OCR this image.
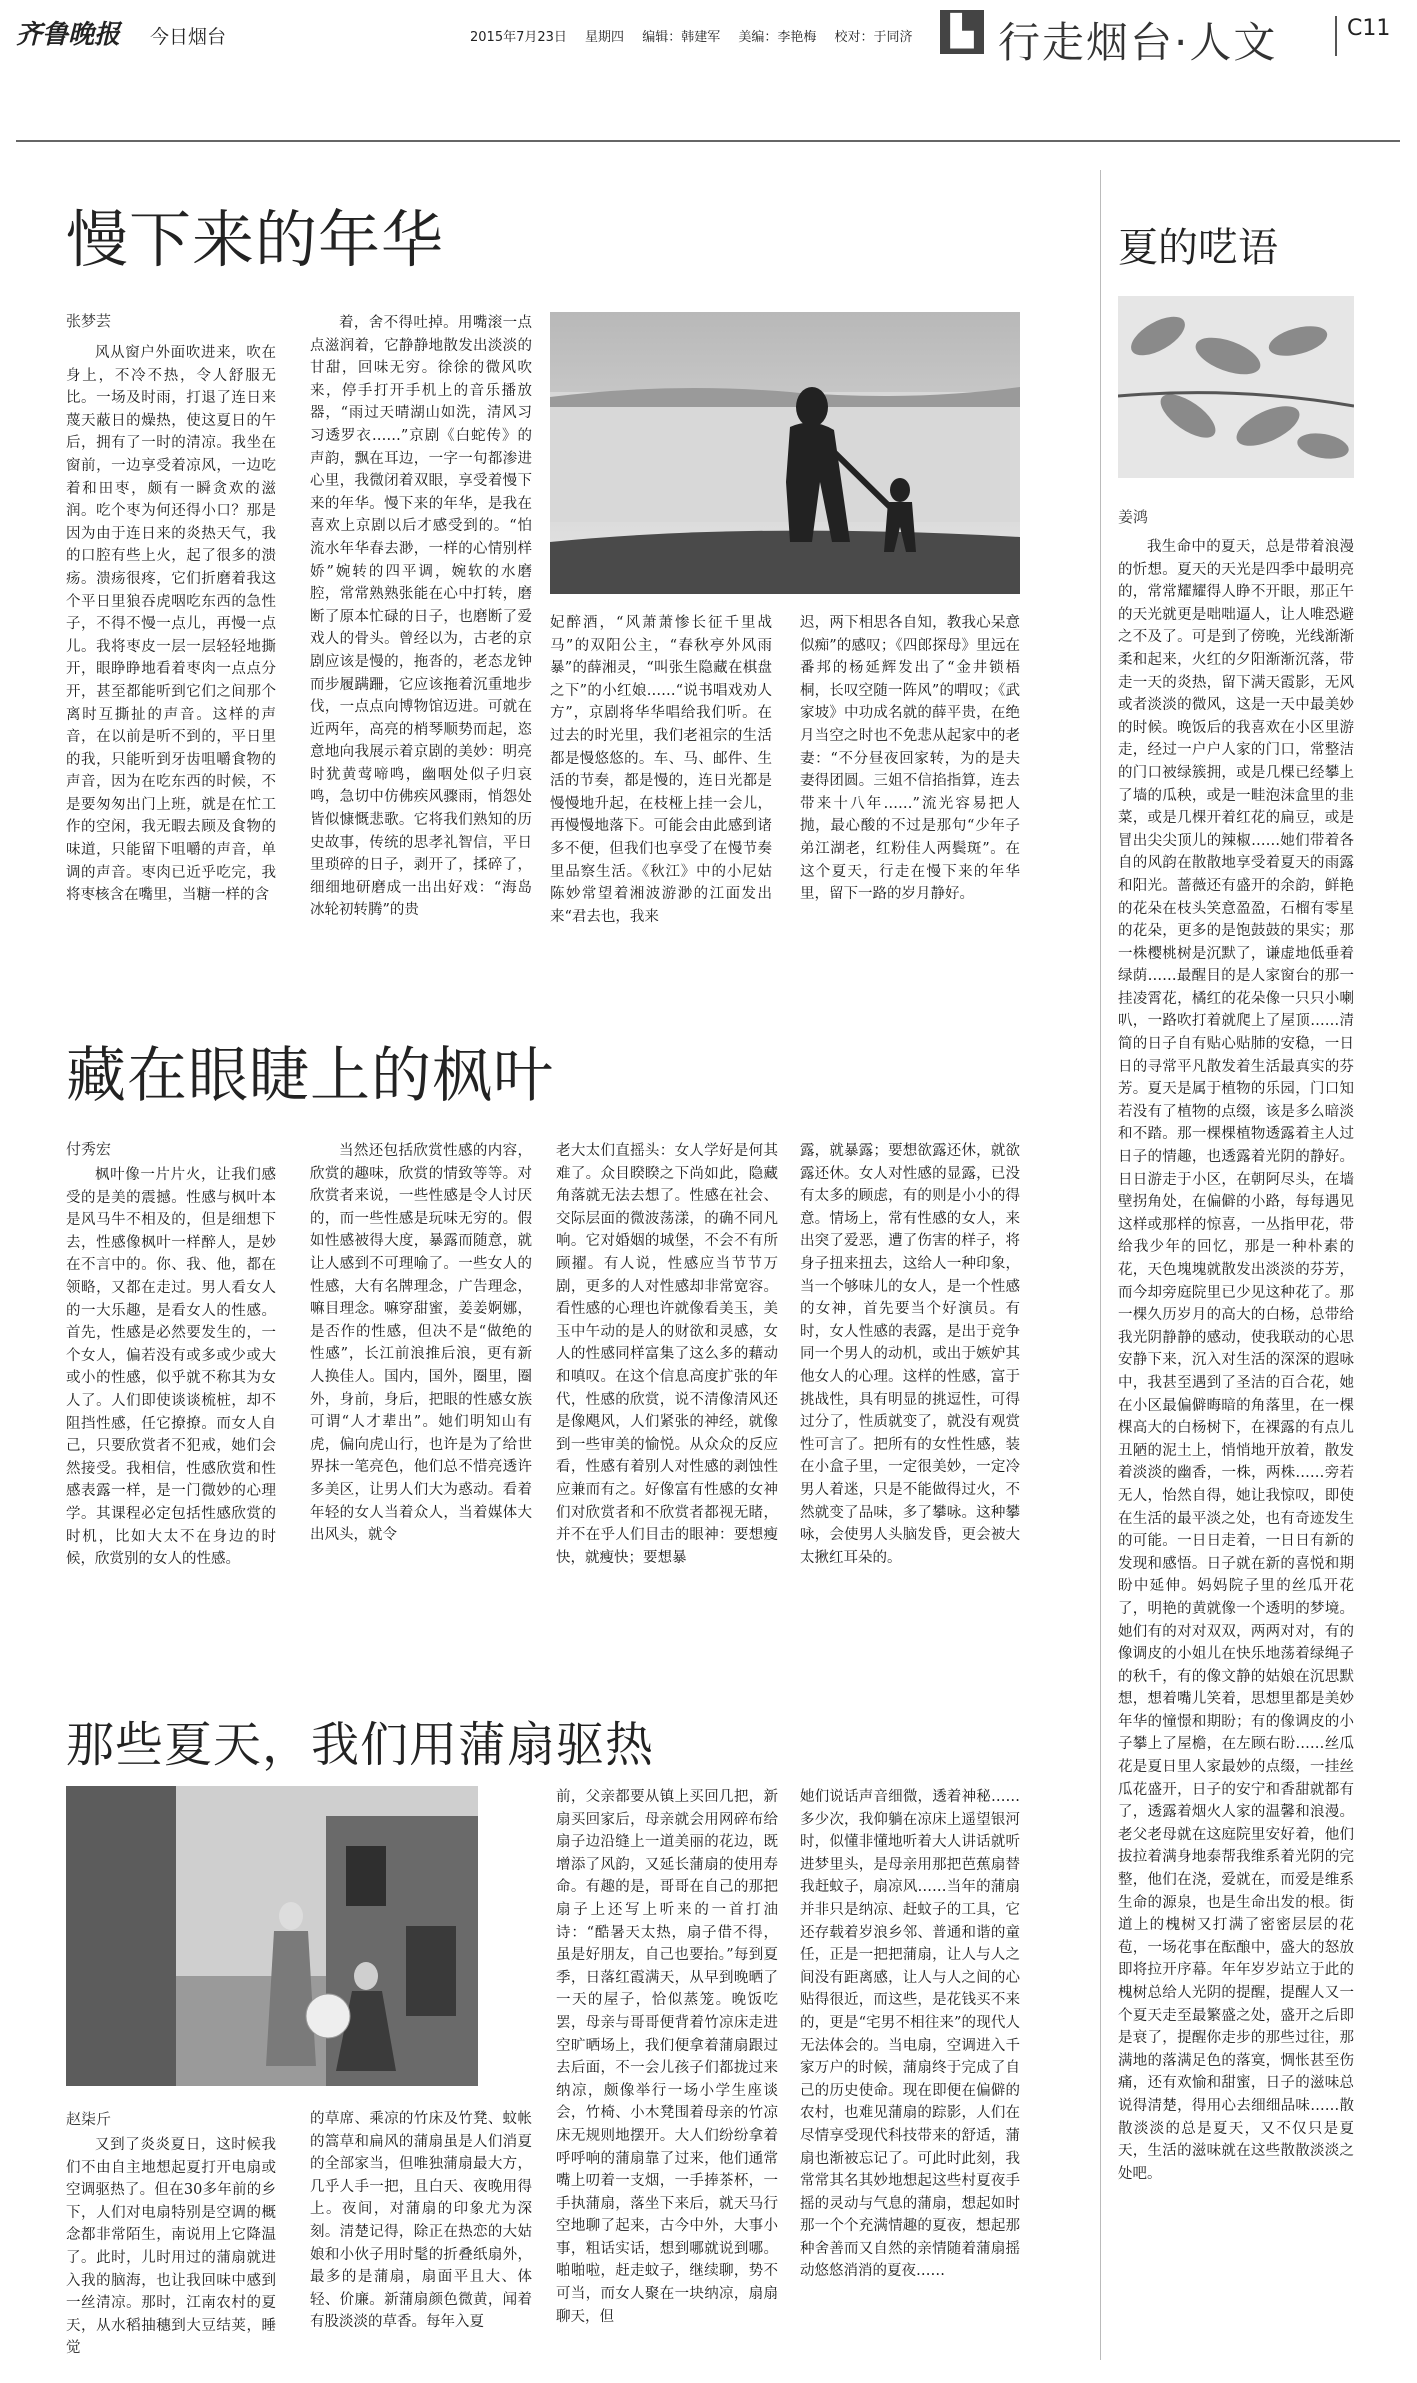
齐鲁晚报 今日烟台	2015年7月23日 星期四 编辑：韩建军 美编：李艳梅 校对：于同济	▙ 行走烟台·人文	C11
慢下来的年华
张梦芸
风从窗户外面吹进来，吹在身上，不冷不热，令人舒服无比。一场及时雨，打退了连日来蔑天蔽日的燥热，使这夏日的午后，拥有了一时的清凉。我坐在窗前，一边享受着凉风，一边吃着和田枣，颇有一瞬贪欢的滋润。吃个枣为何还得小口？那是因为由于连日来的炎热天气，我的口腔有些上火，起了很多的溃疡。溃疡很疼，它们折磨着我这个平日里狼吞虎咽吃东西的急性子，不得不慢一点儿，再慢一点儿。我将枣皮一层一层轻轻地撕开，眼睁睁地看着枣肉一点点分开，甚至都能听到它们之间那个离时互撕扯的声音。这样的声音，在以前是听不到的，平日里的我，只能听到牙齿咀嚼食物的声音，因为在吃东西的时候，不是要匆匆出门上班，就是在忙工作的空闲，我无暇去顾及食物的味道，只能留下咀嚼的声音，单调的声音。枣肉已近乎吃完，我将枣核含在嘴里，当糖一样的含
着，舍不得吐掉。用嘴滚一点点滋润着，它静静地散发出淡淡的甘甜，回味无穷。徐徐的微风吹来，停手打开手机上的音乐播放器，“雨过天晴湖山如洗，清风习习透罗衣……”京剧《白蛇传》的声韵，飘在耳边，一字一句都渗进心里，我微闭着双眼，享受着慢下来的年华。慢下来的年华，是我在喜欢上京剧以后才感受到的。“怕流水年华春去渺，一样的心情别样娇”婉转的四平调，婉软的水磨腔，常常熟熟张能在心中打转，磨断了原本忙碌的日子，也磨断了爱戏人的骨头。曾经以为，古老的京剧应该是慢的，拖沓的，老态龙钟而步履蹒跚，它应该拖着沉重地步伐，一点点向博物馆迈进。可就在近两年，高亮的梢琴顺势而起，恣意地向我展示着京剧的美妙：明亮时犹黄莺啼鸣，幽咽处似子归哀鸣，急切中仿佛疾风骤雨，悄怨处皆似慷慨悲歌。它将我们熟知的历史故事，传统的思孝礼智信，平日里琐碎的日子，剥开了，揉碎了，细细地研磨成一出出好戏：“海岛冰轮初转腾”的贵
妃醉酒，“风萧萧惨长征千里战马”的双阳公主，“春秋亭外风雨暴”的薛湘灵，“叫张生隐藏在棋盘之下”的小红娘……“说书唱戏劝人方”，京剧将华华唱给我们听。在过去的时光里，我们老祖宗的生活都是慢悠悠的。车、马、邮件、生活的节奏，都是慢的，连日光都是慢慢地升起，在枝桠上挂一会儿，再慢慢地落下。可能会由此感到诸多不便，但我们也享受了在慢节奏里品察生活。《秋江》中的小尼姑陈妙常望着湘波游渺的江面发出来“君去也，我来
迟，两下相思各自知，教我心呆意似痴”的感叹；《四郎探母》里远在番邦的杨延辉发出了“金井锁梧桐，长叹空随一阵风”的喟叹；《武家坡》中功成名就的薛平贵，在绝月当空之时也不免悲从起家中的老妻：“不分昼夜回家转，为的是夫妻得团圆。三姐不信掐指算，连去带来十八年……”流光容易把人抛，最心酸的不过是那句“少年子弟江湖老，红粉佳人两鬓斑”。在这个夏天，行走在慢下来的年华里，留下一路的岁月静好。
藏在眼睫上的枫叶
付秀宏
枫叶像一片片火，让我们感受的是美的震撼。性感与枫叶本是风马牛不相及的，但是细想下去，性感像枫叶一样醉人，是妙在不言中的。你、我、他，都在领略，又都在走过。男人看女人的一大乐趣，是看女人的性感。首先，性感是必然要发生的，一个女人，偏若没有或多或少或大或小的性感，似乎就不称其为女人了。人们即使谈谈梳桩，却不阻挡性感，任它撩撩。而女人自己，只要欣赏者不犯戒，她们会然接受。我相信，性感欣赏和性感表露一样，是一门微妙的心理学。其课程必定包括性感欣赏的时机，比如大太不在身边的时候，欣赏别的女人的性感。
当然还包括欣赏性感的内容，欣赏的趣味，欣赏的情致等等。对欣赏者来说，一些性感是令人讨厌的，而一些性感是玩味无穷的。假如性感被得大度，暴露而随意，就让人感到不可理喻了。一些女人的性感，大有名牌理念，广告理念，嘛目理念。嘛穿甜蜜，姜姜婀娜，是否作的性感，但决不是“做绝的性感”，长江前浪推后浪，更有新人换佳人。国内，国外，圈里，圈外，身前，身后，把眼的性感女族可谓“人才辈出”。她们明知山有虎，偏向虎山行，也许是为了给世界抹一笔亮色，他们总不惜亮透许多美区，让男人们大为惑动。看着年轻的女人当着众人，当着媒体大出风头，就令
老大太们直摇头：女人学好是何其难了。众目睽睽之下尚如此，隐藏角落就无法去想了。性感在社会、交际层面的微波荡漾，的确不同凡响。它对婚姻的城堡，不会不有所顾擢。有人说，性感应当节节万剧，更多的人对性感却非常宽容。看性感的心理也许就像看美玉，美玉中午动的是人的财欲和灵感，女人的性感同样富集了这么多的藉动和嗔叹。在这个信息高度扩张的年代，性感的欣赏，说不清像清风还是像飓风，人们紧张的神经，就像到一些审美的愉悦。从众众的反应看，性感有着别人对性感的剥蚀性应兼而有之。好像富有性感的女神们对欣赏者和不欣赏者都视无睹，并不在乎人们目击的眼神：要想瘦快，就瘦快；要想暴
露，就暴露；要想欲露还休，就欲露还休。女人对性感的显露，已没有太多的顾虑，有的则是小小的得意。情场上，常有性感的女人，来出突了爱恶，遭了伤害的样子，将身子扭来扭去，这给人一种印象，当一个够味儿的女人，是一个性感的女神，首先要当个好演员。有时，女人性感的表露，是出于竞争同一个男人的动机，或出于嫉妒其他女人的心理。这样的性感，富于挑战性，具有明显的挑逗性，可得过分了，性质就变了，就没有观赏性可言了。把所有的女性性感，装在小盒子里，一定很美妙，一定冷男人着迷，只是不能做得过火，不然就变了品味，多了攀咏。这种攀咏，会使男人头脑发昏，更会被大太揪红耳朵的。
那些夏天，我们用蒲扇驱热
赵柒斤
又到了炎炎夏日，这时候我们不由自主地想起夏打开电扇或空调驱热了。但在30多年前的乡下，人们对电扇特别是空调的概念都非常陌生，南说用上它降温了。此时，儿时用过的蒲扇就进入我的脑海，也让我回味中感到一丝清凉。那时，江南农村的夏天，从水稻抽穗到大豆结荚，睡觉
的草席、乘凉的竹床及竹凳、蚊帐的篙草和扁风的蒲扇虽是人们消夏的全部家当，但唯独蒲扇最大方，几乎人手一把，且白天、夜晚用得上。夜间，对蒲扇的印象尤为深刻。清楚记得，除正在热恋的大姑娘和小伙子用时髦的折叠纸扇外，最多的是蒲扇，扇面平且大、体轻、价廉。新蒲扇颜色微黄，闻着有股淡淡的草香。每年入夏
前，父亲都要从镇上买回几把，新扇买回家后，母亲就会用网碎布给扇子边沿缝上一道美丽的花边，既增添了风韵，又延长蒲扇的使用寿命。有趣的是，哥哥在自己的那把扇子上还写上听来的一首打油诗：“酷暑天太热，扇子借不得，虽是好朋友，自己也要抬。”每到夏季，日落红霞满天，从早到晚晒了一天的屋子，恰似蒸笼。晚饭吃罢，母亲与哥哥便背着竹凉床走进空旷晒场上，我们便拿着蒲扇跟过去后面，不一会儿孩子们都拢过来纳凉，颇像举行一场小学生座谈会，竹椅、小木凳围着母亲的竹凉床无规则地摆开。大人们纷纷拿着呼呼响的蒲扇靠了过来，他们通常嘴上叨着一支烟，一手捧茶杯，一手执蒲扇，落坐下来后，就天马行空地聊了起来，古今中外，大事小事，粗话实话，想到哪就说到哪。啪啪啦，赶走蚊子，继续聊，势不可当，而女人聚在一块纳凉，扇扇聊天，但
她们说话声音细微，透着神秘……多少次，我仰躺在凉床上遥望银河时，似懂非懂地听着大人讲话就听进梦里头，是母亲用那把芭蕉扇替我赶蚊子，扇凉风……当年的蒲扇并非只是纳凉、赶蚊子的工具，它还存载着岁浪乡邻、普通和谐的童任，正是一把把蒲扇，让人与人之间没有距离感，让人与人之间的心贴得很近，而这些，是花钱买不来的，更是“宅男不相往来”的现代人无法体会的。当电扇，空调进入千家万户的时候，蒲扇终于完成了自己的历史使命。现在即便在偏僻的农村，也难见蒲扇的踪影，人们在尽情享受现代科技带来的舒适，蒲扇也渐被忘记了。可此时此刻，我常常其名其妙地想起这些村夏夜手摇的灵动与气息的蒲扇，想起如时那一个个充满情趣的夏夜，想起那种舍善而又自然的亲情随着蒲扇摇动悠悠消消的夏夜……
夏的呓语
姜鸿
我生命中的夏天，总是带着浪漫的忻想。夏天的天光是四季中最明亮的，常常耀耀得人睁不开眼，那正午的天光就更是咄咄逼人，让人唯恐避之不及了。可是到了傍晚，光线渐渐柔和起来，火红的夕阳渐渐沉落，带走一天的炎热，留下满天霞影，无风或者淡淡的微风，这是一天中最美妙的时候。晚饭后的我喜欢在小区里游走，经过一户户人家的门口，常整洁的门口被绿簇拥，或是几棵已经攀上了墙的瓜秧，或是一畦泡沫盒里的韭菜，或是几棵开着红花的扁豆，或是冒出尖尖顶儿的辣椒……她们带着各自的风韵在散散地享受着夏天的雨露和阳光。蔷薇还有盛开的余韵，鲜艳的花朵在枝头笑意盈盈，石榴有零星的花朵，更多的是饱鼓鼓的果实；那一株樱桃树是沉默了，谦虚地低垂着绿荫……最醒目的是人家窗台的那一挂凌霄花，橘红的花朵像一只只小喇叭，一路吹打着就爬上了屋顶……清简的日子自有贴心贴肺的安稳，一日日的寻常平凡散发着生活最真实的芬芳。夏天是属于植物的乐园，门口知若没有了植物的点缀，该是多么暗淡和不踏。那一棵棵植物透露着主人过日子的情趣，也透露着光阴的静好。日日游走于小区，在朝阿尽头，在墙壁拐角处，在偏僻的小路，每每遇见这样或那样的惊喜，一丛指甲花，带给我少年的回忆，那是一种朴素的花，天色塊塊就散发出淡淡的芬芳，而今却旁庭院里已少见这种花了。那一棵久历岁月的高大的白杨，总带给我光阴静静的感动，使我联动的心思安静下来，沉入对生活的深深的遐咏中，我甚至遇到了圣洁的百合花，她在小区最偏僻晦暗的角落里，在一棵棵高大的白杨树下，在裸露的有点儿丑陋的泥土上，悄悄地开放着，散发着淡淡的幽香，一株，两株……旁若无人，怡然自得，她让我惊叹，即使在生活的最平淡之处，也有奇迹发生的可能。一日日走着，一日日有新的发现和感悟。日子就在新的喜悦和期盼中延伸。妈妈院子里的丝瓜开花了，明艳的黄就像一个透明的梦境。她们有的对对双双，两两对对，有的像调皮的小姐儿在快乐地荡着绿绳子的秋千，有的像文静的姑娘在沉思默想，想着嘴儿笑着，思想里都是美妙年华的憧憬和期盼；有的像调皮的小子攀上了屋檐，在左顾右盼……丝瓜花是夏日里人家最妙的点缀，一挂丝瓜花盛开，日子的安宁和香甜就都有了，透露着烟火人家的温馨和浪漫。老父老母就在这庭院里安好着，他们拔拉着满身地泰帮我维系着光阴的完整，他们在浇，爱就在，而爱是维系生命的源泉，也是生命出发的根。街道上的槐树又打满了密密层层的花苞，一场花事在酝酿中，盛大的怒放即将拉开序幕。年年岁岁站立于此的槐树总给人光阴的提醒，提醒人又一个夏天走至最繁盛之处，盛开之后即是衰了，提醒你走步的那些过往，那满地的落满足色的落寞，惆怅甚至伤痛，还有欢愉和甜蜜，日子的滋味总说得清楚，得用心去细细品味……散散淡淡的总是夏天，又不仅只是夏天，生活的滋味就在这些散散淡淡之处吧。
